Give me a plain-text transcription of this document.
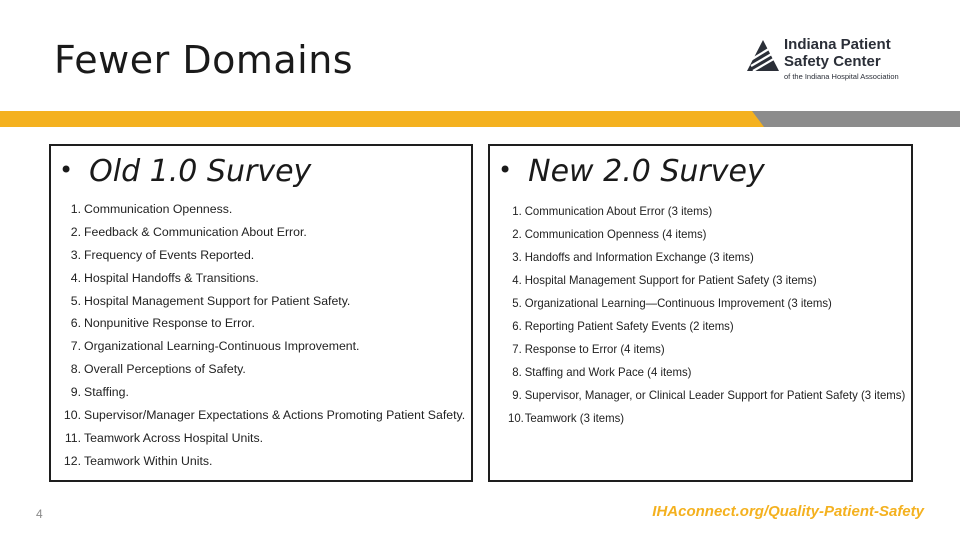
Fewer Domains	Indiana Patient
Safety Center
of the Indiana Hospital Association
• Old 1.0 Survey
1. Communication Openness.
2. Feedback & Communication About Error.
3. Frequency of Events Reported.
4. Hospital Handoffs & Transitions.
5. Hospital Management Support for Patient Safety.
6. Nonpunitive Response to Error.
7. Organizational Learning-Continuous Improvement.
8. Overall Perceptions of Safety.
9. Staffing.
10. Supervisor/Manager Expectations & Actions Promoting Patient Safety.
11. Teamwork Across Hospital Units.
12. Teamwork Within Units.
• New 2.0 Survey
1. Communication About Error (3 items)
2. Communication Openness (4 items)
3. Handoffs and Information Exchange (3 items)
4. Hospital Management Support for Patient Safety (3 items)
5. Organizational Learning—Continuous Improvement (3 items)
6. Reporting Patient Safety Events (2 items)
7. Response to Error (4 items)
8. Staffing and Work Pace (4 items)
9. Supervisor, Manager, or Clinical Leader Support for Patient Safety (3 items)
10.Teamwork (3 items)
4	IHAconnect.org/Quality-Patient-Safety
